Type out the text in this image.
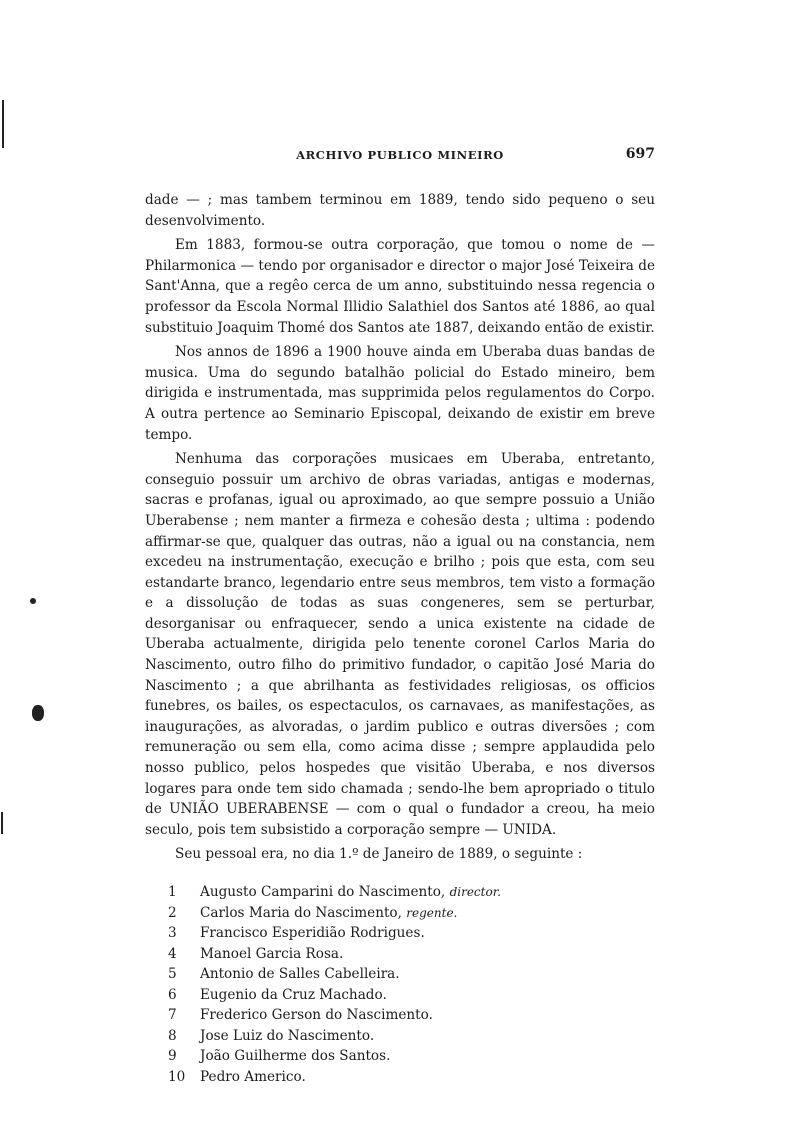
ARCHIVO PUBLICO MINEIRO	697

dade — ; mas tambem terminou em 1889, tendo sido pequeno o seu desenvolvimento.

Em 1883, formou-se outra corporação, que tomou o nome de — Philarmonica — tendo por organisador e director o major José Teixeira de Sant'Anna, que a regêo cerca de um anno, substituindo nessa regencia o professor da Escola Normal Illidio Salathiel dos Santos até 1886, ao qual substituio Joaquim Thomé dos Santos ate 1887, deixando então de existir.

Nos annos de 1896 a 1900 houve ainda em Uberaba duas bandas de musica. Uma do segundo batalhão policial do Estado mineiro, bem dirigida e instrumentada, mas supprimida pelos regulamentos do Corpo. A outra pertence ao Seminario Episcopal, deixando de existir em breve tempo.

Nenhuma das corporações musicaes em Uberaba, entretanto, conseguio possuir um archivo de obras variadas, antigas e modernas, sacras e profanas, igual ou aproximado, ao que sempre possuio a União Uberabense ; nem manter a firmeza e cohesão desta ; ultima : podendo affirmar-se que, qualquer das outras, não a igual ou na constancia, nem excedeu na instrumentação, execução e brilho ; pois que esta, com seu estandarte branco, legendario entre seus membros, tem visto a formação e a dissolução de todas as suas congeneres, sem se perturbar, desorganisar ou enfraquecer, sendo a unica existente na cidade de Uberaba actualmente, dirigida pelo tenente coronel Carlos Maria do Nascimento, outro filho do primitivo fundador, o capitão José Maria do Nascimento ; a que abrilhanta as festividades religiosas, os officios funebres, os bailes, os espectaculos, os carnavaes, as manifestações, as inaugurações, as alvoradas, o jardim publico e outras diversões ; com remuneração ou sem ella, como acima disse ; sempre applaudida pelo nosso publico, pelos hospedes que visitão Uberaba, e nos diversos logares para onde tem sido chamada ; sendo-lhe bem apropriado o titulo de UNIÃO UBERABENSE — com o qual o fundador a creou, ha meio seculo, pois tem subsistido a corporação sempre — UNIDA.

Seu pessoal era, no dia 1.º de Janeiro de 1889, o seguinte :

1	Augusto Camparini do Nascimento, director.
2	Carlos Maria do Nascimento, regente.
3	Francisco Esperidião Rodrigues.
4	Manoel Garcia Rosa.
5	Antonio de Salles Cabelleira.
6	Eugenio da Cruz Machado.
7	Frederico Gerson do Nascimento.
8	Jose Luiz do Nascimento.
9	João Guilherme dos Santos.
10	Pedro Americo.
